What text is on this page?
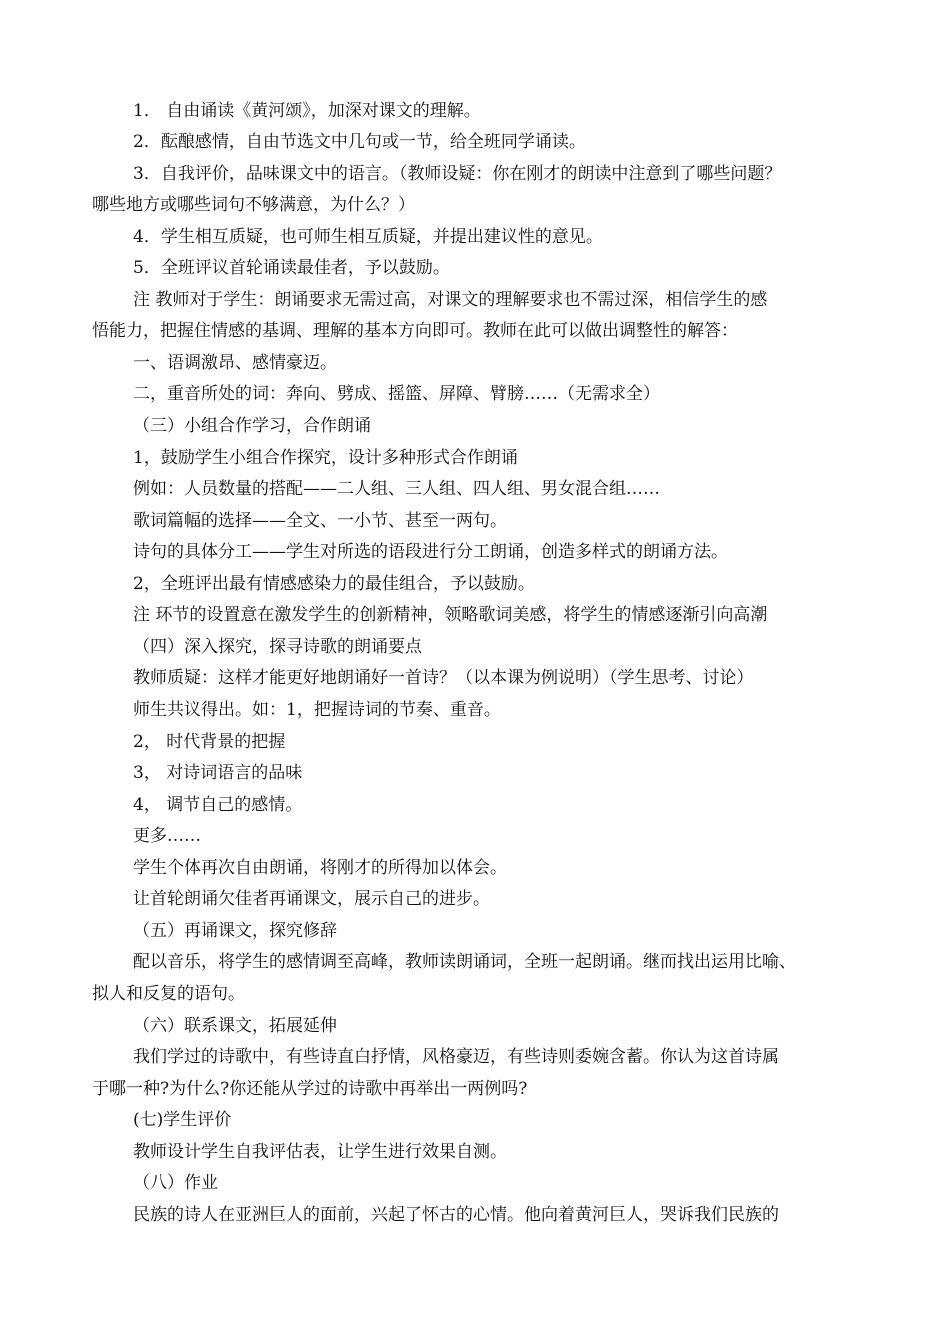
1． 自由诵读《黄河颂》，加深对课文的理解。
2．酝酿感情，自由节选文中几句或一节，给全班同学诵读。
3．自我评价，品味课文中的语言。（教师设疑：你在刚才的朗读中注意到了哪些问题？
哪些地方或哪些词句不够满意，为什么？）
4．学生相互质疑，也可师生相互质疑，并提出建议性的意见。
5．全班评议首轮诵读最佳者，予以鼓励。
注 教师对于学生：朗诵要求无需过高，对课文的理解要求也不需过深，相信学生的感
悟能力，把握住情感的基调、理解的基本方向即可。教师在此可以做出调整性的解答：
一、语调激昂、感情豪迈。
二，重音所处的词：奔向、劈成、摇篮、屏障、臂膀……（无需求全）
（三）小组合作学习，合作朗诵
1，鼓励学生小组合作探究，设计多种形式合作朗诵
例如：人员数量的搭配——二人组、三人组、四人组、男女混合组……
歌词篇幅的选择——全文、一小节、甚至一两句。
诗句的具体分工——学生对所选的语段进行分工朗诵，创造多样式的朗诵方法。
2，全班评出最有情感感染力的最佳组合，予以鼓励。
注 环节的设置意在激发学生的创新精神，领略歌词美感，将学生的情感逐渐引向高潮
（四）深入探究，探寻诗歌的朗诵要点
教师质疑：这样才能更好地朗诵好一首诗？（以本课为例说明）（学生思考、讨论）
师生共议得出。如：1，把握诗词的节奏、重音。
2， 时代背景的把握
3， 对诗词语言的品味
4， 调节自己的感情。
更多……
学生个体再次自由朗诵，将刚才的所得加以体会。
让首轮朗诵欠佳者再诵课文，展示自己的进步。
（五）再诵课文，探究修辞
配以音乐，将学生的感情调至高峰，教师读朗诵词，全班一起朗诵。继而找出运用比喻、
拟人和反复的语句。
（六）联系课文，拓展延伸
我们学过的诗歌中，有些诗直白抒情，风格豪迈，有些诗则委婉含蓄。你认为这首诗属
于哪一种?为什么?你还能从学过的诗歌中再举出一两例吗?
(七)学生评价
教师设计学生自我评估表，让学生进行效果自测。
（八）作业
民族的诗人在亚洲巨人的面前，兴起了怀古的心情。他向着黄河巨人，哭诉我们民族的
